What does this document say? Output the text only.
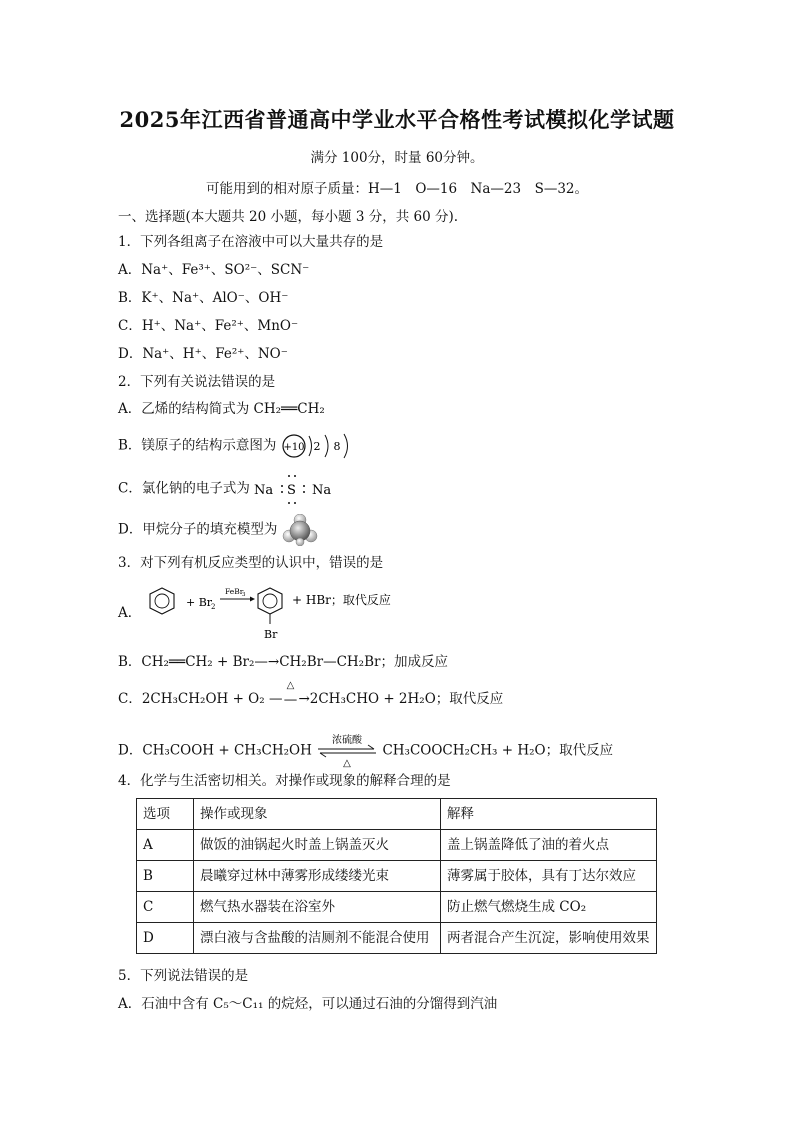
2025年江西省普通高中学业水平合格性考试模拟化学试题
满分 100分，时量 60分钟。
可能用到的相对原子质量：H—1　O—16　Na—23　S—32。
一、选择题(本大题共 20 小题，每小题 3 分，共 60 分).
1．下列各组离子在溶液中可以大量共存的是
A．Na⁺、Fe³⁺、SO²⁻、SCN⁻
B．K⁺、Na⁺、AlO⁻、OH⁻
C．H⁺、Na⁺、Fe²⁺、MnO⁻
D．Na⁺、H⁺、Fe²⁺、NO⁻
2．下列有关说法错误的是
A．乙烯的结构简式为 CH₂══CH₂
B．镁原子的结构示意图为 +10 2 8
C．氯化钠的电子式为 Na S Na
D．甲烷分子的填充模型为
3．对下列有机反应类型的认识中，错误的是
A．
+ Br
2
FeBr
3
Br
+ HBr；取代反应
B．CH₂══CH₂ + Br₂—→CH₂Br—CH₂Br；加成反应
C．2CH₃CH₂OH + O₂ —
△
—→2CH₃CHO + 2H₂O；取代反应
D．CH₃COOH + CH₃CH₂OH
浓硫酸
△
CH₃COOCH₂CH₃ + H₂O；取代反应
4．化学与生活密切相关。对操作或现象的解释合理的是
选项	操作或现象	解释
A	做饭的油锅起火时盖上锅盖灭火	盖上锅盖降低了油的着火点
B	晨曦穿过林中薄雾形成缕缕光束	薄雾属于胶体，具有丁达尔效应
C	燃气热水器装在浴室外	防止燃气燃烧生成 CO₂
D	漂白液与含盐酸的洁厕剂不能混合使用	两者混合产生沉淀，影响使用效果
5．下列说法错误的是
A．石油中含有 C₅～C₁₁ 的烷烃，可以通过石油的分馏得到汽油
